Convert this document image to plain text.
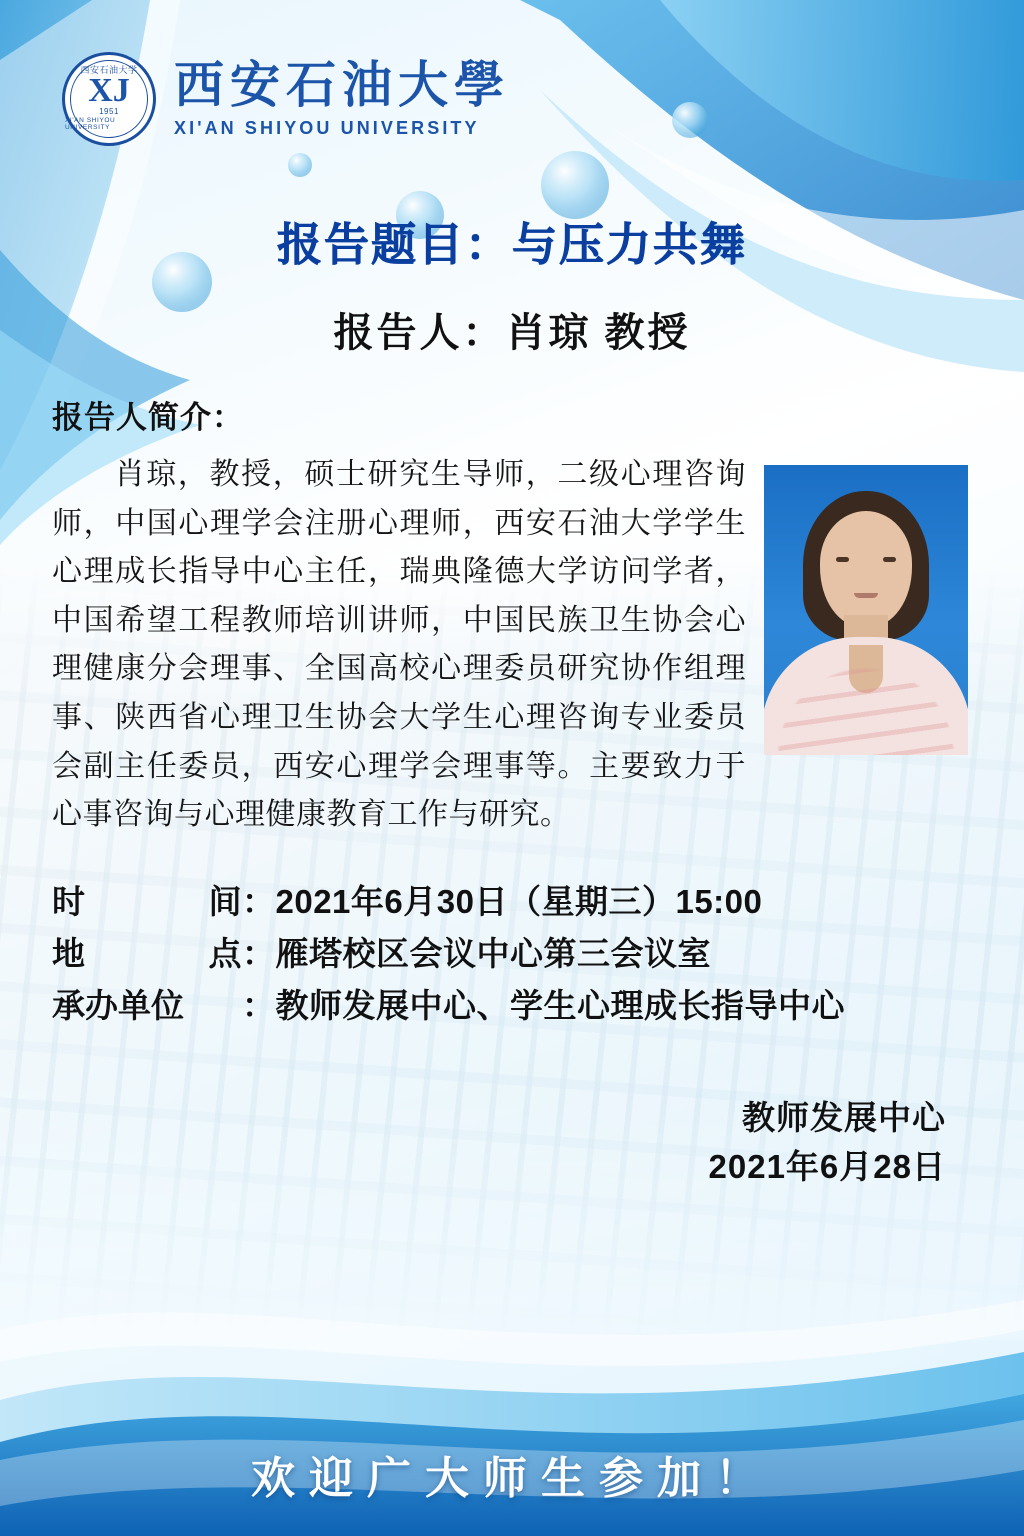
西安石油大学
XJ
1951
XI'AN SHIYOU UNIVERSITY
西安石油大學
XI'AN SHIYOU UNIVERSITY
报告题目：与压力共舞
报告人：肖琼 教授
报告人简介：
肖琼，教授，硕士研究生导师，二级心理咨询师，中国心理学会注册心理师，西安石油大学学生心理成长指导中心主任，瑞典隆德大学访问学者，中国希望工程教师培训讲师，中国民族卫生协会心理健康分会理事、全国高校心理委员研究协作组理事、陕西省心理卫生协会大学生心理咨询专业委员会副主任委员，西安心理学会理事等。主要致力于心事咨询与心理健康教育工作与研究。
时	间 ： 2021年6月30日（星期三）15:00
地	点 ： 雁塔校区会议中心第三会议室
承办单位	： 教师发展中心、学生心理成长指导中心
教师发展中心
2021年6月28日
欢迎广大师生参加！
